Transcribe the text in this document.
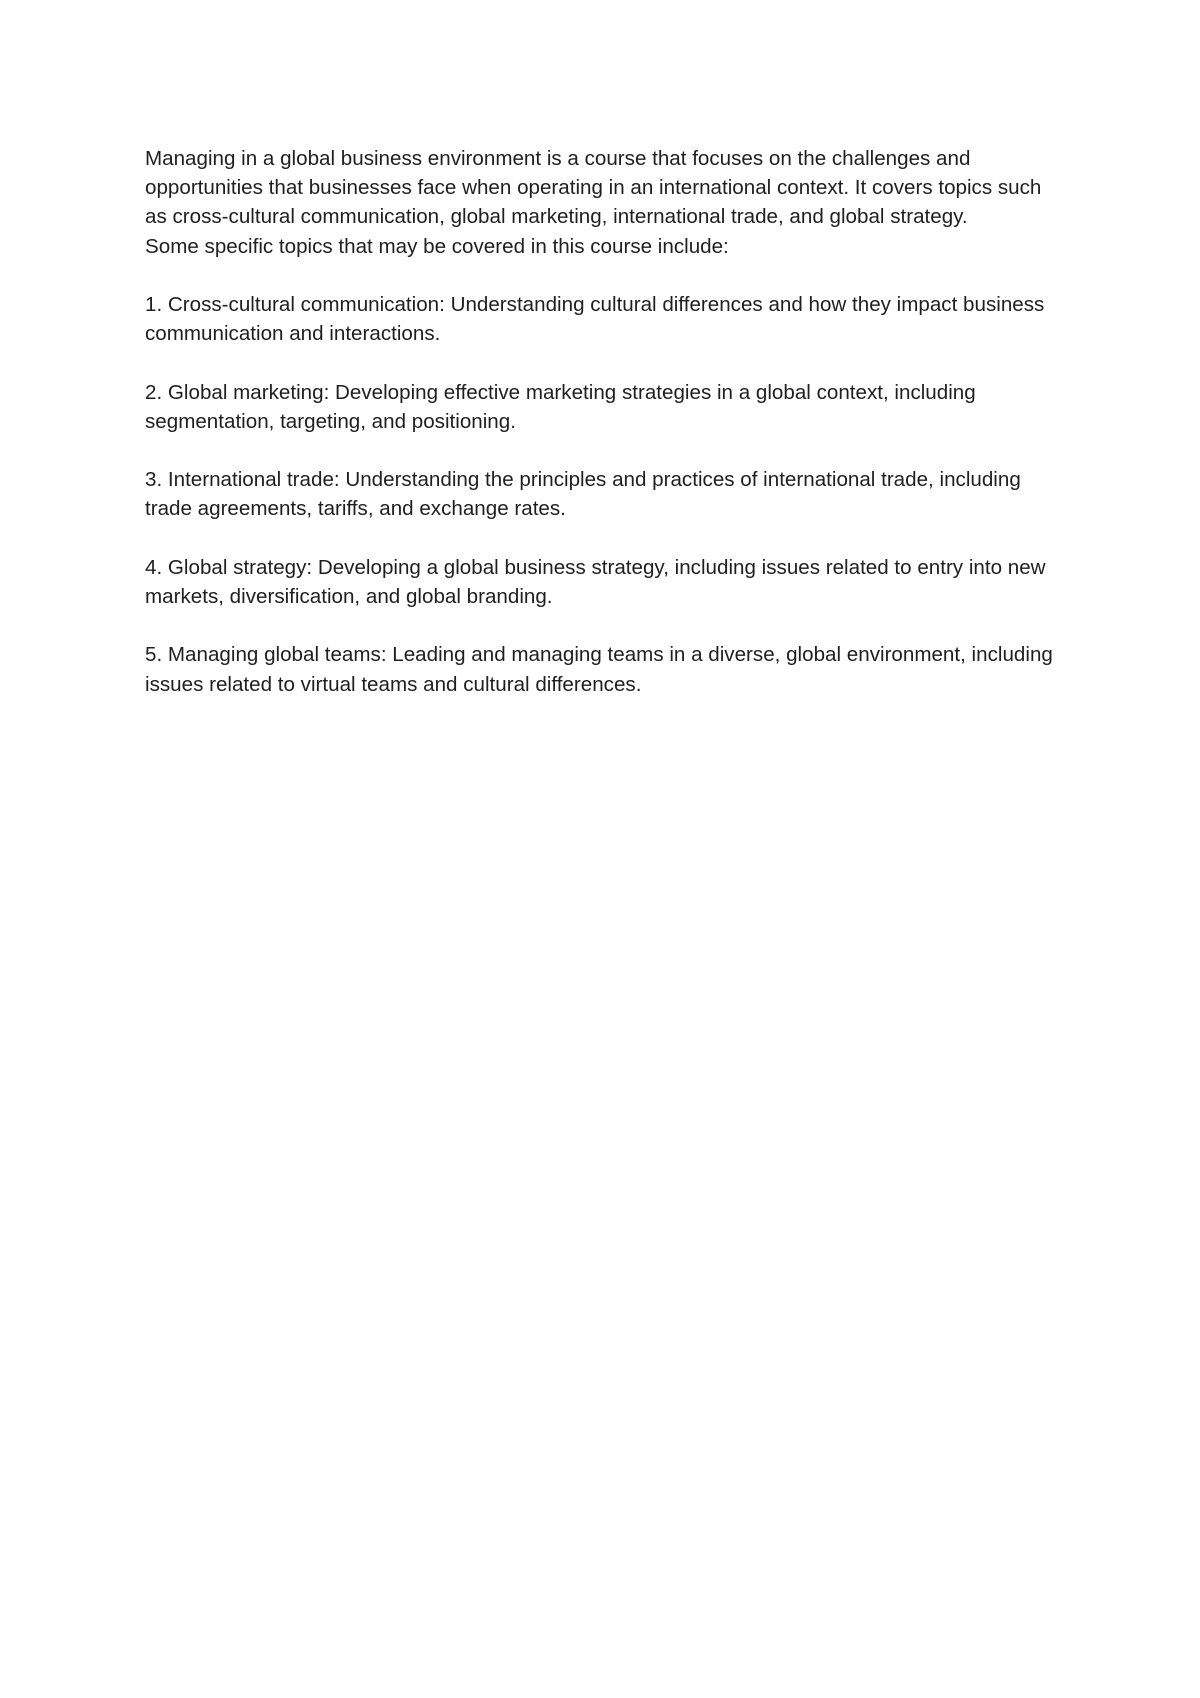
Managing in a global business environment is a course that focuses on the challenges and opportunities that businesses face when operating in an international context. It covers topics such as cross-cultural communication, global marketing, international trade, and global strategy.

Some specific topics that may be covered in this course include:

1. Cross-cultural communication: Understanding cultural differences and how they impact business communication and interactions.

2. Global marketing: Developing effective marketing strategies in a global context, including segmentation, targeting, and positioning.

3. International trade: Understanding the principles and practices of international trade, including trade agreements, tariffs, and exchange rates.

4. Global strategy: Developing a global business strategy, including issues related to entry into new markets, diversification, and global branding.

5. Managing global teams: Leading and managing teams in a diverse, global environment, including issues related to virtual teams and cultural differences.
